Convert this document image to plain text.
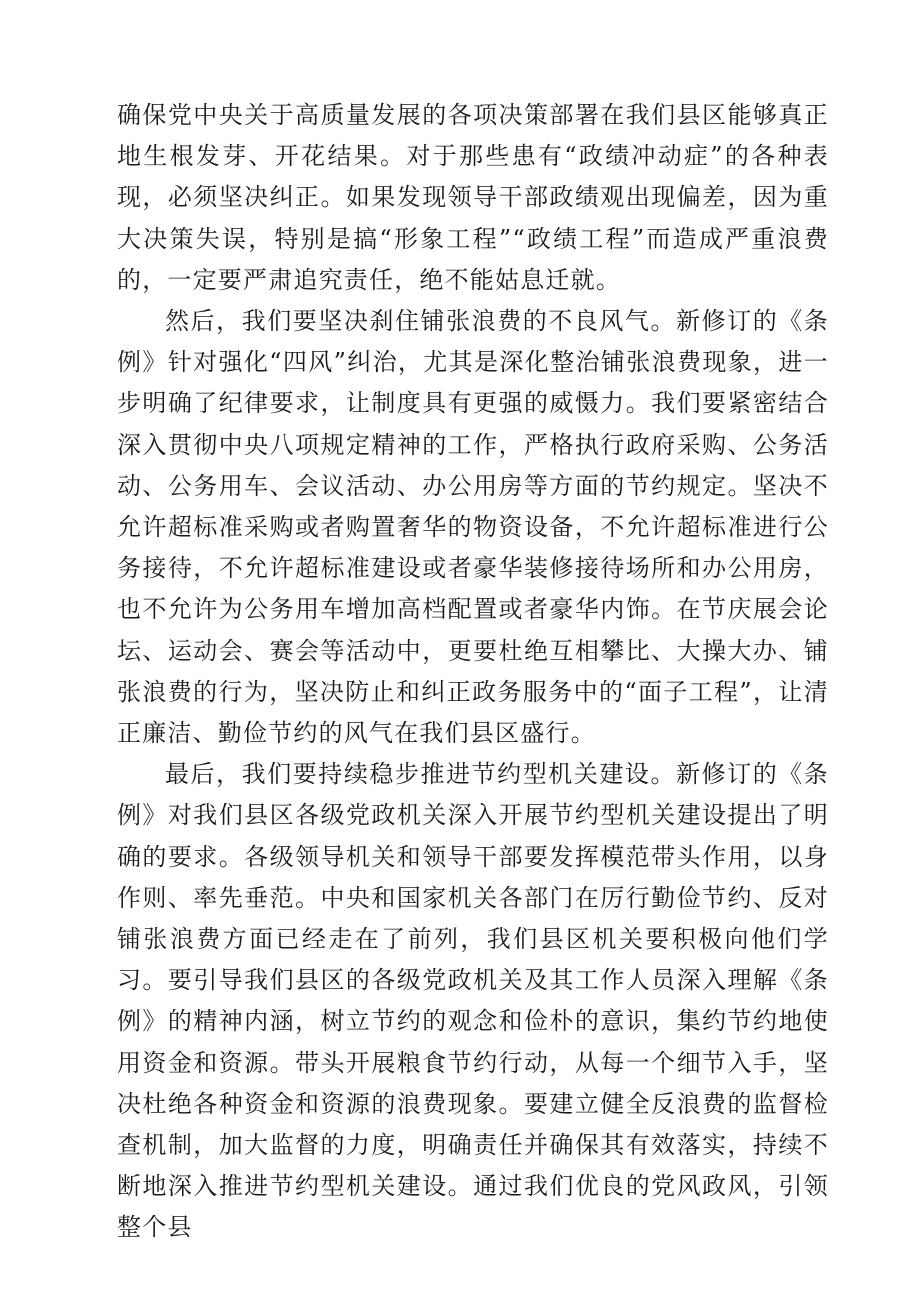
确保党中央关于高质量发展的各项决策部署在我们县区能够真正地生根发芽、开花结果。对于那些患有“政绩冲动症”的各种表现，必须坚决纠正。如果发现领导干部政绩观出现偏差，因为重大决策失误，特别是搞“形象工程”“政绩工程”而造成严重浪费的，一定要严肃追究责任，绝不能姑息迁就。

然后，我们要坚决刹住铺张浪费的不良风气。新修订的《条例》针对强化“四风”纠治，尤其是深化整治铺张浪费现象，进一步明确了纪律要求，让制度具有更强的威慑力。我们要紧密结合深入贯彻中央八项规定精神的工作，严格执行政府采购、公务活动、公务用车、会议活动、办公用房等方面的节约规定。坚决不允许超标准采购或者购置奢华的物资设备，不允许超标准进行公务接待，不允许超标准建设或者豪华装修接待场所和办公用房，也不允许为公务用车增加高档配置或者豪华内饰。在节庆展会论坛、运动会、赛会等活动中，更要杜绝互相攀比、大操大办、铺张浪费的行为，坚决防止和纠正政务服务中的“面子工程”，让清正廉洁、勤俭节约的风气在我们县区盛行。

最后，我们要持续稳步推进节约型机关建设。新修订的《条例》对我们县区各级党政机关深入开展节约型机关建设提出了明确的要求。各级领导机关和领导干部要发挥模范带头作用，以身作则、率先垂范。中央和国家机关各部门在厉行勤俭节约、反对铺张浪费方面已经走在了前列，我们县区机关要积极向他们学习。要引导我们县区的各级党政机关及其工作人员深入理解《条例》的精神内涵，树立节约的观念和俭朴的意识，集约节约地使用资金和资源。带头开展粮食节约行动，从每一个细节入手，坚决杜绝各种资金和资源的浪费现象。要建立健全反浪费的监督检查机制，加大监督的力度，明确责任并确保其有效落实，持续不断地深入推进节约型机关建设。通过我们优良的党风政风，引领整个县
